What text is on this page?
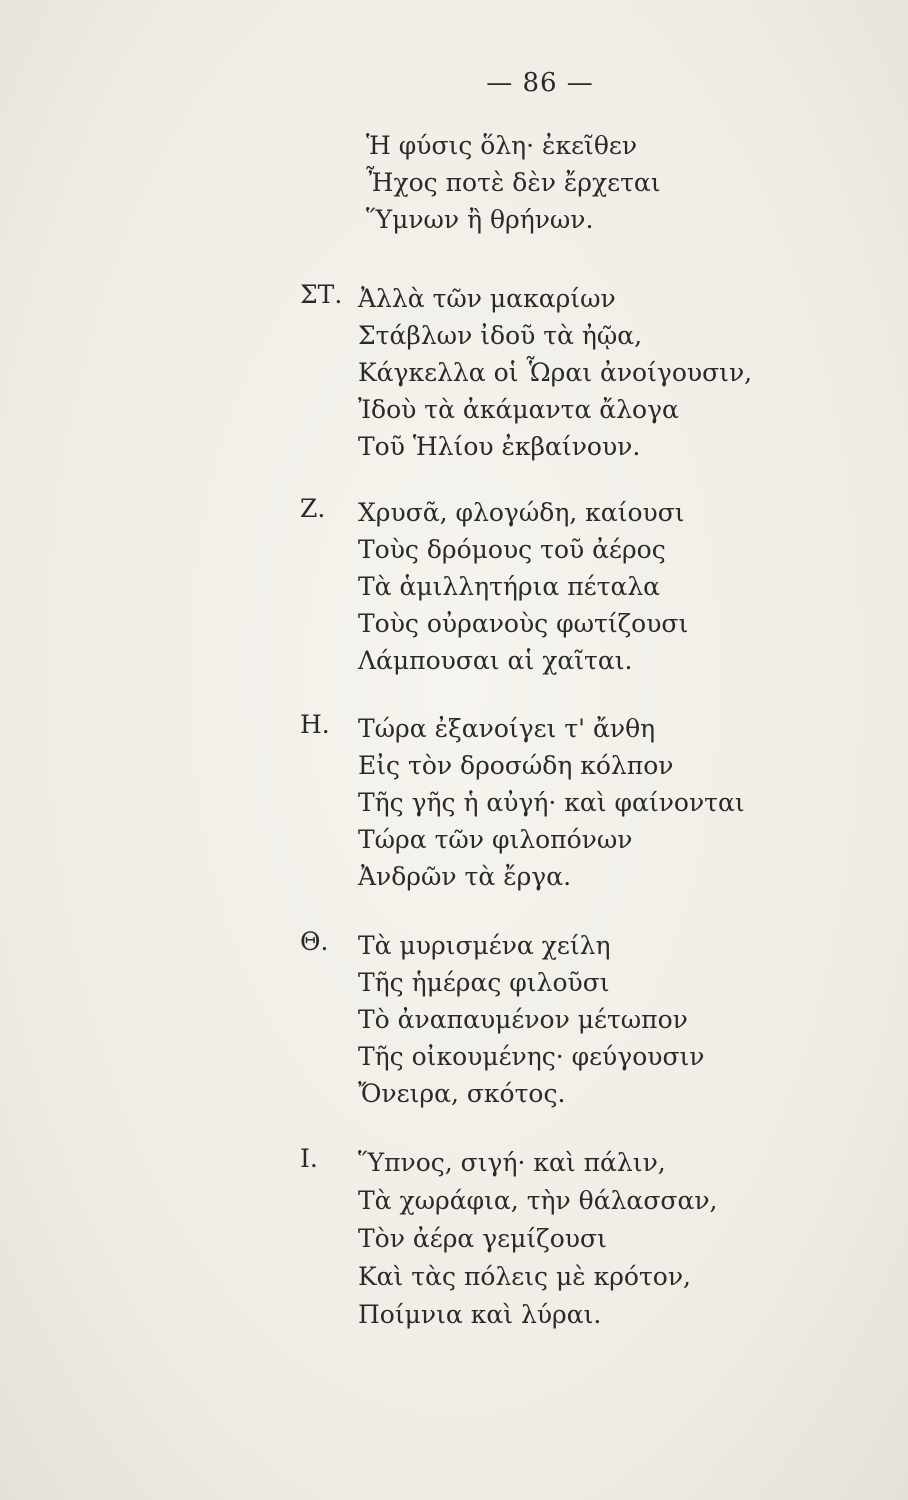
— 86 —
Ἡ φύσις ὅλη· ἐκεῖθεν
Ἦχος ποτὲ δὲν ἔρχεται
Ὕμνων ἢ θρήνων.
ΣΤ. Ἀλλὰ τῶν μακαρίων
Στάβλων ἰδοῦ τὰ ἠῷα,
Κάγκελλα οἱ Ὧραι ἀνοίγουσιν,
Ἰδοὺ τὰ ἀκάμαντα ἄλογα
Τοῦ Ἡλίου ἐκβαίνουν.
Ζ. Χρυσᾶ, φλογώδη, καίουσι
Τοὺς δρόμους τοῦ ἀέρος
Τὰ ἁμιλλητήρια πέταλα
Τοὺς οὐρανοὺς φωτίζουσι
Λάμπουσαι αἱ χαῖται.
Η. Τώρα ἐξανοίγει τ' ἄνθη
Εἰς τὸν δροσώδη κόλπον
Τῆς γῆς ἡ αὐγή· καὶ φαίνονται
Τώρα τῶν φιλοπόνων
Ἀνδρῶν τὰ ἔργα.
Θ. Τὰ μυρισμένα χείλη
Τῆς ἡμέρας φιλοῦσι
Τὸ ἀναπαυμένον μέτωπον
Τῆς οἰκουμένης· φεύγουσιν
Ὄνειρα, σκότος.
Ι. Ὕπνος, σιγή· καὶ πάλιν,
Τὰ χωράφια, τὴν θάλασσαν,
Τὸν ἀέρα γεμίζουσι
Καὶ τὰς πόλεις μὲ κρότον,
Ποίμνια καὶ λύραι.
